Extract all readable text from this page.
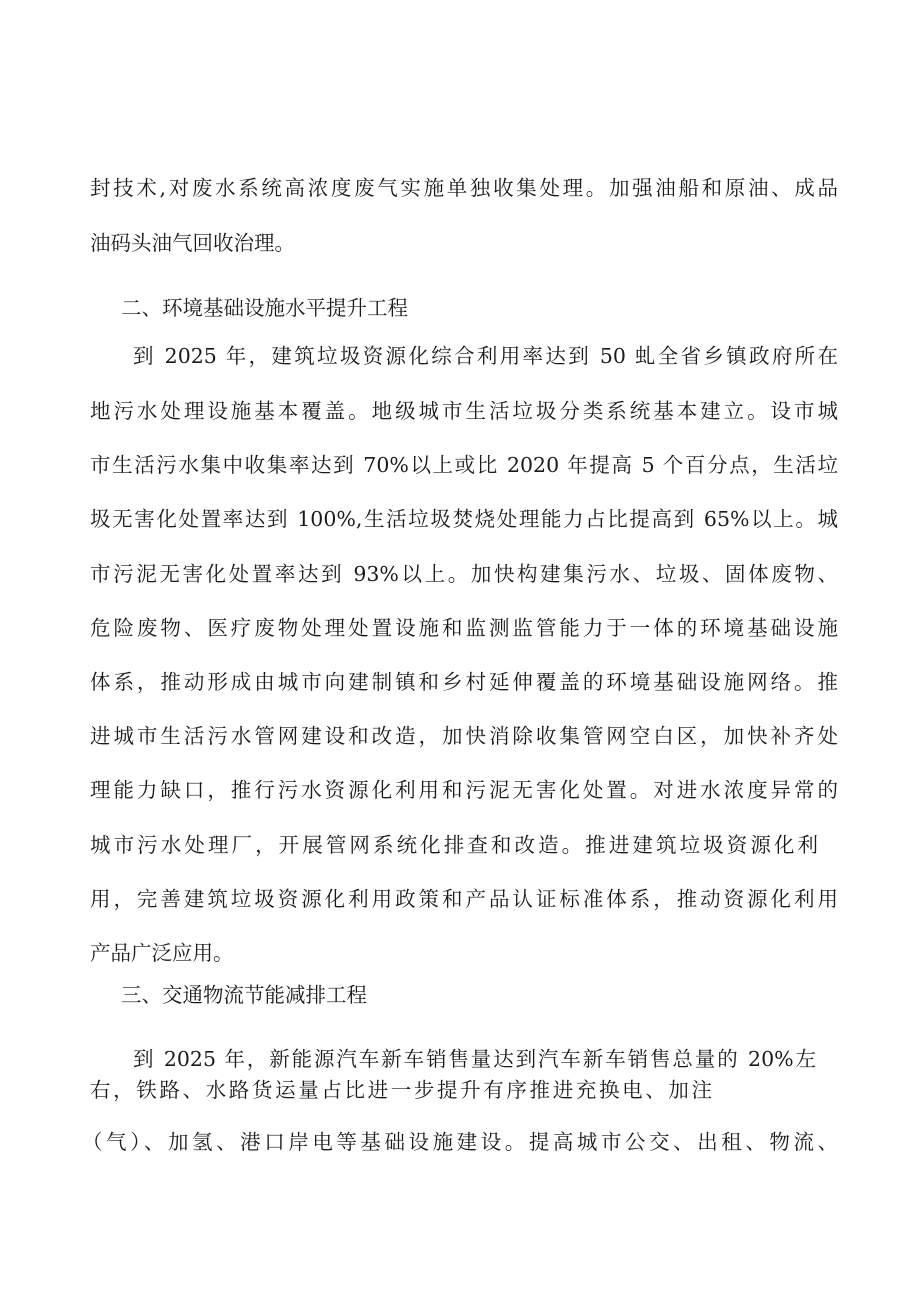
封技术,对废水系统高浓度废气实施单独收集处理。加强油船和原油、成品

油码头油气回收治理。

二、环境基础设施水平提升工程

到 2025 年，建筑垃圾资源化综合利用率达到 50 虬全省乡镇政府所在

地污水处理设施基本覆盖。地级城市生活垃圾分类系统基本建立。设市城

市生活污水集中收集率达到 70%以上或比 2020 年提高 5 个百分点，生活垃

圾无害化处置率达到 100%,生活垃圾焚烧处理能力占比提高到 65%以上。城

市污泥无害化处置率达到 93%以上。加快构建集污水、垃圾、固体废物、

危险废物、医疗废物处理处置设施和监测监管能力于一体的环境基础设施

体系，推动形成由城市向建制镇和乡村延伸覆盖的环境基础设施网络。推

进城市生活污水管网建设和改造，加快消除收集管网空白区，加快补齐处

理能力缺口，推行污水资源化利用和污泥无害化处置。对进水浓度异常的

城市污水处理厂，开展管网系统化排查和改造。推进建筑垃圾资源化利

用，完善建筑垃圾资源化利用政策和产品认证标准体系，推动资源化利用

产品广泛应用。

三、交通物流节能减排工程

到 2025 年，新能源汽车新车销售量达到汽车新车销售总量的 20%左

右，铁路、水路货运量占比进一步提升有序推进充换电、加注

（气）、加氢、港口岸电等基础设施建设。提高城市公交、出租、物流、
